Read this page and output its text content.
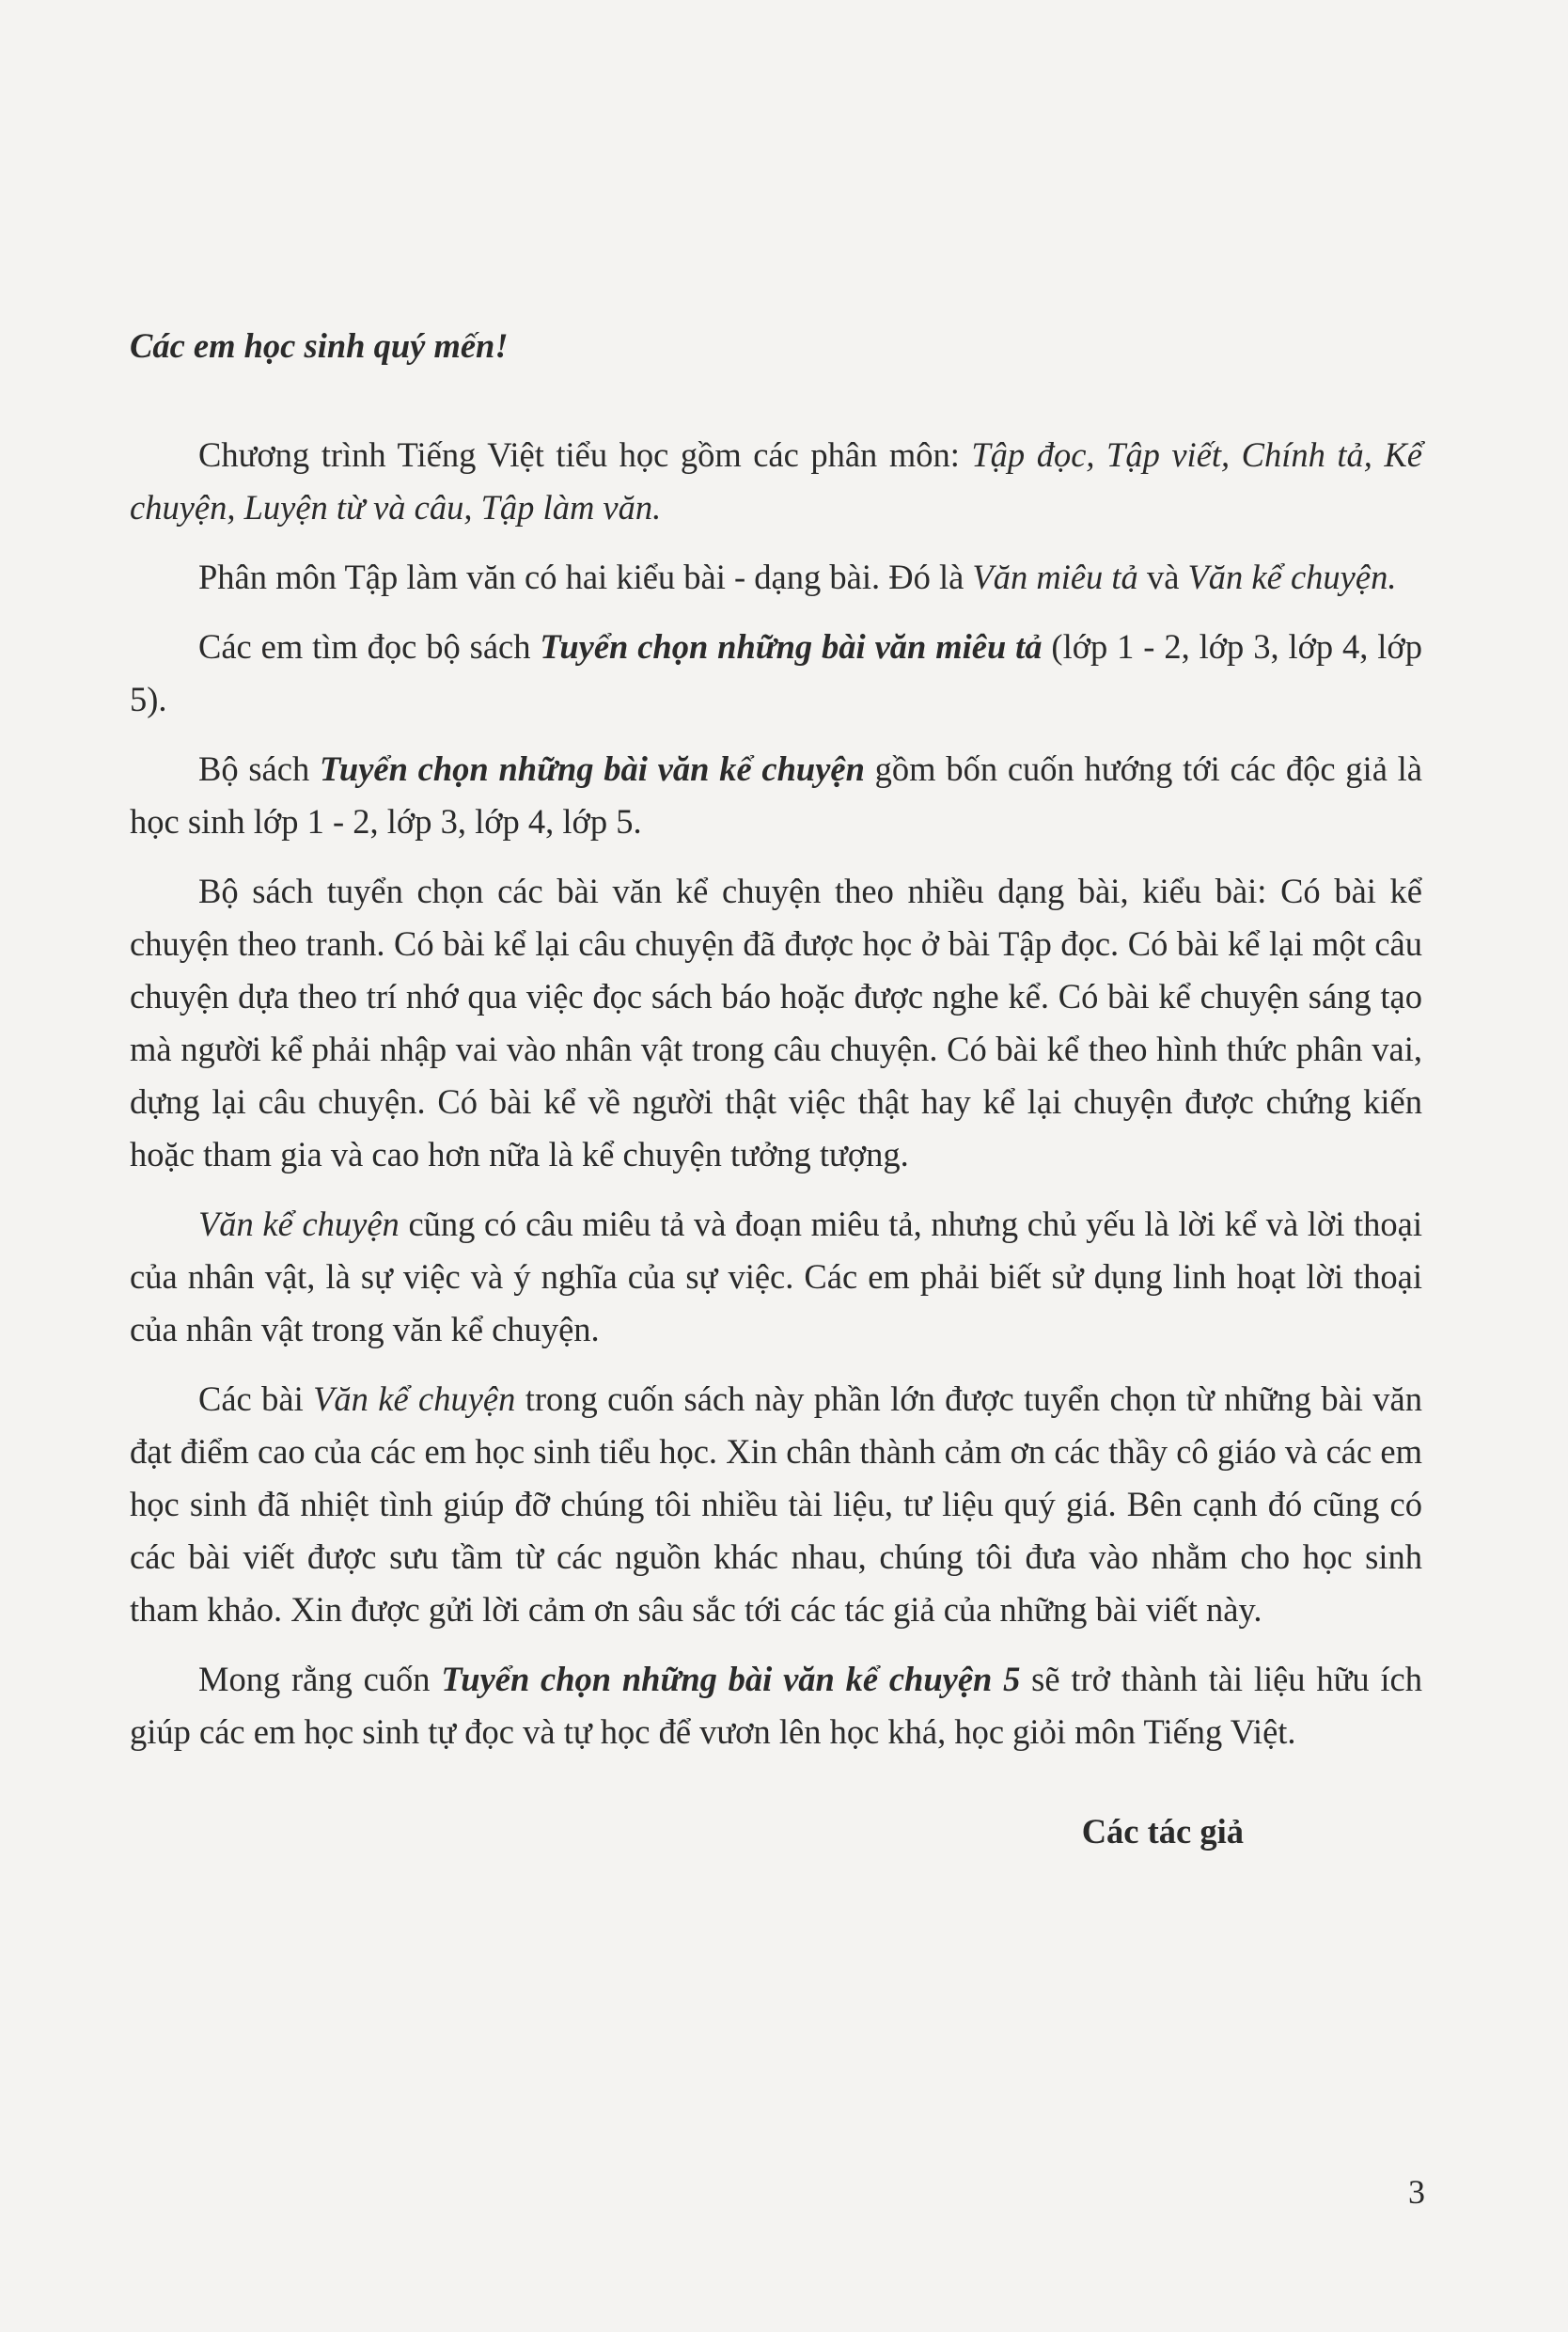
Các em học sinh quý mến!

Chương trình Tiếng Việt tiểu học gồm các phân môn: Tập đọc, Tập viết, Chính tả, Kể chuyện, Luyện từ và câu, Tập làm văn.

Phân môn Tập làm văn có hai kiểu bài - dạng bài. Đó là Văn miêu tả và Văn kể chuyện.

Các em tìm đọc bộ sách Tuyển chọn những bài văn miêu tả (lớp 1 - 2, lớp 3, lớp 4, lớp 5).

Bộ sách Tuyển chọn những bài văn kể chuyện gồm bốn cuốn hướng tới các độc giả là học sinh lớp 1 - 2, lớp 3, lớp 4, lớp 5.

Bộ sách tuyển chọn các bài văn kể chuyện theo nhiều dạng bài, kiểu bài: Có bài kể chuyện theo tranh. Có bài kể lại câu chuyện đã được học ở bài Tập đọc. Có bài kể lại một câu chuyện dựa theo trí nhớ qua việc đọc sách báo hoặc được nghe kể. Có bài kể chuyện sáng tạo mà người kể phải nhập vai vào nhân vật trong câu chuyện. Có bài kể theo hình thức phân vai, dựng lại câu chuyện. Có bài kể về người thật việc thật hay kể lại chuyện được chứng kiến hoặc tham gia và cao hơn nữa là kể chuyện tưởng tượng.

Văn kể chuyện cũng có câu miêu tả và đoạn miêu tả, nhưng chủ yếu là lời kể và lời thoại của nhân vật, là sự việc và ý nghĩa của sự việc. Các em phải biết sử dụng linh hoạt lời thoại của nhân vật trong văn kể chuyện.

Các bài Văn kể chuyện trong cuốn sách này phần lớn được tuyển chọn từ những bài văn đạt điểm cao của các em học sinh tiểu học. Xin chân thành cảm ơn các thầy cô giáo và các em học sinh đã nhiệt tình giúp đỡ chúng tôi nhiều tài liệu, tư liệu quý giá. Bên cạnh đó cũng có các bài viết được sưu tầm từ các nguồn khác nhau, chúng tôi đưa vào nhằm cho học sinh tham khảo. Xin được gửi lời cảm ơn sâu sắc tới các tác giả của những bài viết này.

Mong rằng cuốn Tuyển chọn những bài văn kể chuyện 5 sẽ trở thành tài liệu hữu ích giúp các em học sinh tự đọc và tự học để vươn lên học khá, học giỏi môn Tiếng Việt.

Các tác giả

3
